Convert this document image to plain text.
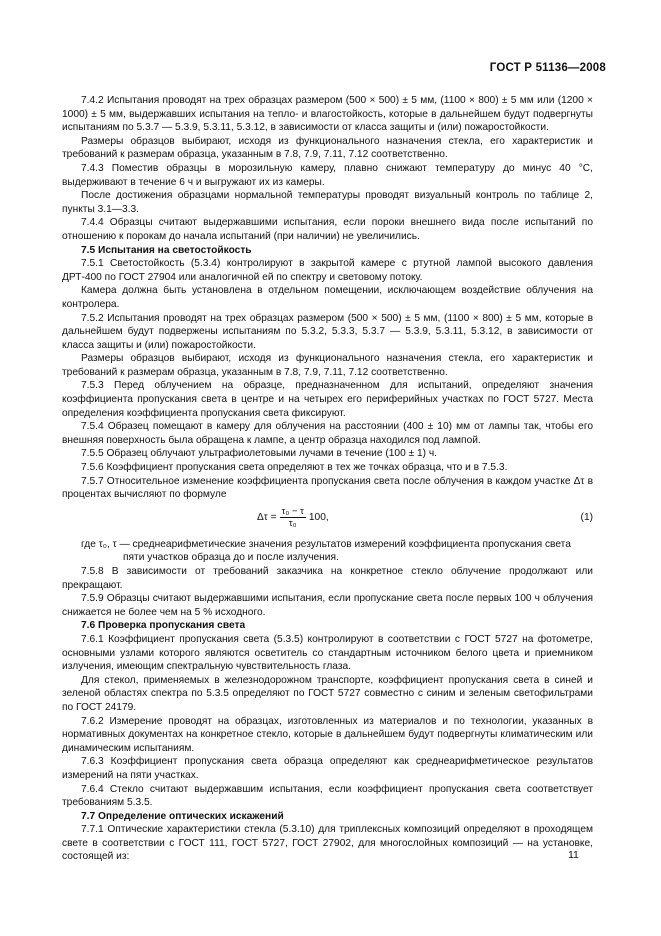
ГОСТ Р 51136—2008

7.4.2 Испытания проводят на трех образцах размером (500 × 500) ± 5 мм, (1100 × 800) ± 5 мм или (1200 × 1000) ± 5 мм, выдержавших испытания на тепло- и влагостойкость, которые в дальнейшем будут подвергнуты испытаниям по 5.3.7 — 5.3.9, 5.3.11, 5.3.12, в зависимости от класса защиты и (или) пожаростойкости.

Размеры образцов выбирают, исходя из функционального назначения стекла, его характеристик и требований к размерам образца, указанным в 7.8, 7.9, 7.11, 7.12 соответственно.

7.4.3 Поместив образцы в морозильную камеру, плавно снижают температуру до минус 40 °C, выдерживают в течение 6 ч и выгружают их из камеры.

После достижения образцами нормальной температуры проводят визуальный контроль по таблице 2, пункты 3.1—3.3.

7.4.4 Образцы считают выдержавшими испытания, если пороки внешнего вида после испытаний по отношению к порокам до начала испытаний (при наличии) не увеличились.

7.5 Испытания на светостойкость

7.5.1 Светостойкость (5.3.4) контролируют в закрытой камере с ртутной лампой высокого давления ДРТ-400 по ГОСТ 27904 или аналогичной ей по спектру и световому потоку.

Камера должна быть установлена в отдельном помещении, исключающем воздействие облучения на контролера.

7.5.2 Испытания проводят на трех образцах размером (500 × 500) ± 5 мм, (1100 × 800) ± 5 мм, которые в дальнейшем будут подвержены испытаниям по 5.3.2, 5.3.3, 5.3.7 — 5.3.9, 5.3.11, 5.3.12, в зависимости от класса защиты и (или) пожаростойкости.

Размеры образцов выбирают, исходя из функционального назначения стекла, его характеристик и требований к размерам образца, указанным в 7.8, 7.9, 7.11, 7.12 соответственно.

7.5.3 Перед облучением на образце, предназначенном для испытаний, определяют значения коэффициента пропускания света в центре и на четырех его периферийных участках по ГОСТ 5727. Места определения коэффициента пропускания света фиксируют.

7.5.4 Образец помещают в камеру для облучения на расстоянии (400 ± 10) мм от лампы так, чтобы его внешняя поверхность была обращена к лампе, а центр образца находился под лампой.

7.5.5 Образец облучают ультрафиолетовыми лучами в течение (100 ± 1) ч.

7.5.6 Коэффициент пропускания света определяют в тех же точках образца, что и в 7.5.3.

7.5.7 Относительное изменение коэффициента пропускания света после облучения в каждом участке Δτ в процентах вычисляют по формуле

$\Delta\tau = \frac{\text{τ₀ − τ}}{\text{τ₀}} 100$,	(1)

где τ₀, τ — среднеарифметические значения результатов измерений коэффициента пропускания света
пяти участков образца до и после излучения.

7.5.8 В зависимости от требований заказчика на конкретное стекло облучение продолжают или прекращают.

7.5.9 Образцы считают выдержавшими испытания, если пропускание света после первых 100 ч облучения снижается не более чем на 5 % исходного.

7.6 Проверка пропускания света

7.6.1 Коэффициент пропускания света (5.3.5) контролируют в соответствии с ГОСТ 5727 на фотометре, основными узлами которого являются осветитель со стандартным источником белого цвета и приемником излучения, имеющим спектральную чувствительность глаза.

Для стекол, применяемых в железнодорожном транспорте, коэффициент пропускания света в синей и зеленой областях спектра по 5.3.5 определяют по ГОСТ 5727 совместно с синим и зеленым светофильтрами по ГОСТ 24179.

7.6.2 Измерение проводят на образцах, изготовленных из материалов и по технологии, указанных в нормативных документах на конкретное стекло, которые в дальнейшем будут подвергнуты климатическим или динамическим испытаниям.

7.6.3 Коэффициент пропускания света образца определяют как среднеарифметическое результатов измерений на пяти участках.

7.6.4 Стекло считают выдержавшим испытания, если коэффициент пропускания света соответствует требованиям 5.3.5.

7.7 Определение оптических искажений

7.7.1 Оптические характеристики стекла (5.3.10) для триплексных композиций определяют в проходящем свете в соответствии с ГОСТ 111, ГОСТ 5727, ГОСТ 27902, для многослойных композиций — на установке, состоящей из:	11
